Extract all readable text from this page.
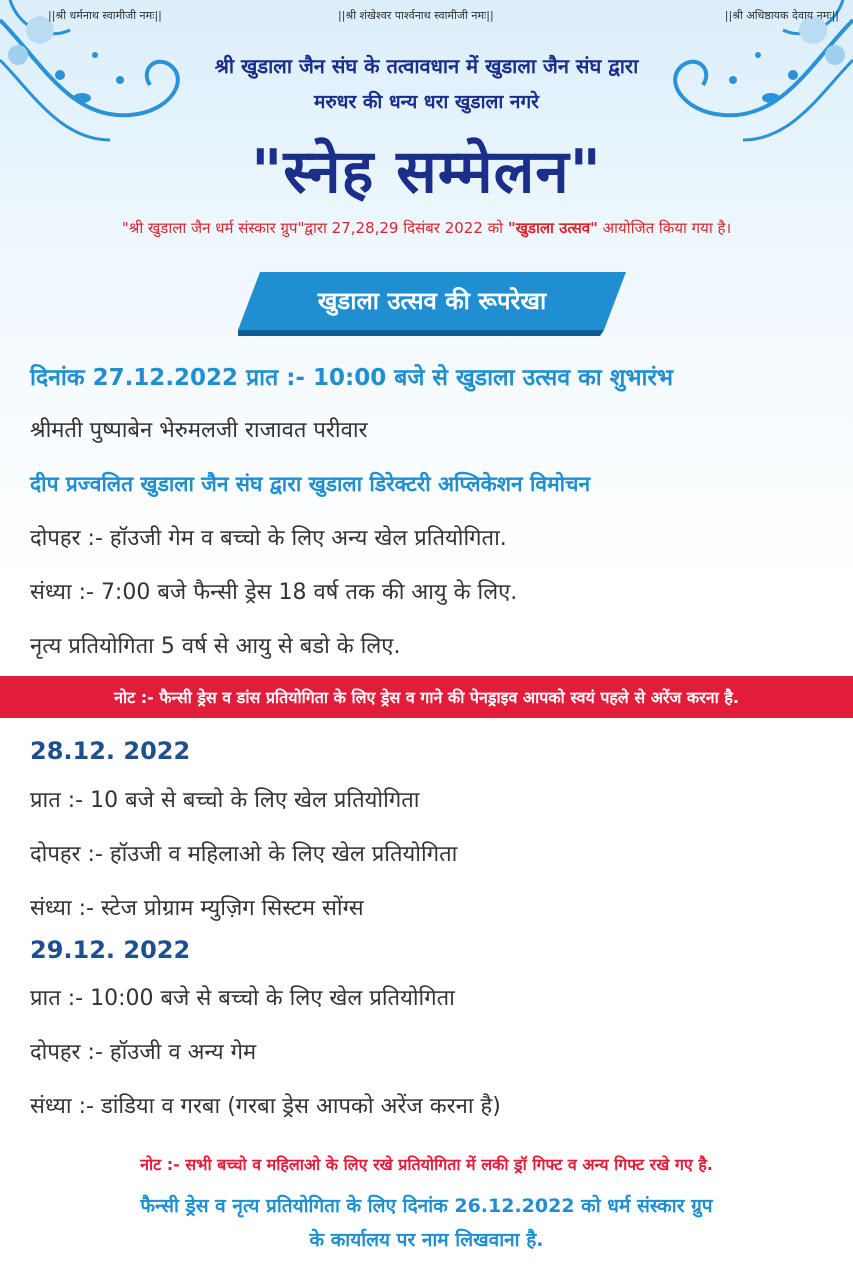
||श्री धर्मनाथ स्वामीजी नमः||	||श्री शंखेश्वर पार्श्वनाथ स्वामीजी नमः||	||श्री अधिष्ठायक देवाय नमः||
श्री खुडाला जैन संघ के तत्वावधान में खुडाला जैन संघ द्वारा
मरुधर की धन्य धरा खुडाला नगरे
"स्नेह सम्मेलन"
"श्री खुडाला जैन धर्म संस्कार ग्रुप"द्वारा 27,28,29 दिसंबर 2022 को "खुडाला उत्सव" आयोजित किया गया है।
खुडाला उत्सव की रूपरेखा
दिनांक 27.12.2022 प्रात :- 10:00 बजे से खुडाला उत्सव का शुभारंभ
श्रीमती पुष्पाबेन भेरुमलजी राजावत परीवार
दीप प्रज्वलित खुडाला जैन संघ द्वारा खुडाला डिरेक्टरी अप्लिकेशन विमोचन
दोपहर :- हॉउजी गेम व बच्चो के लिए अन्य खेल प्रतियोगिता.
संध्या :- 7:00 बजे फैन्सी ड्रेस 18 वर्ष तक की आयु के लिए.
नृत्य प्रतियोगिता 5 वर्ष से आयु से बडो के लिए.
नोट :- फैन्सी ड्रेस व डांस प्रतियोगिता के लिए ड्रेस व गाने की पेनड्राइव आपको स्वयं पहले से अरेंज करना है.
28.12. 2022
प्रात :- 10 बजे से बच्चो के लिए खेल प्रतियोगिता
दोपहर :- हॉउजी व महिलाओ के लिए खेल प्रतियोगिता
संध्या :- स्टेज प्रोग्राम म्युज़िग सिस्टम सोंग्स
29.12. 2022
प्रात :- 10:00 बजे से बच्चो के लिए खेल प्रतियोगिता
दोपहर :- हॉउजी व अन्य गेम
संध्या :- डांडिया व गरबा (गरबा ड्रेस आपको अरेंज करना है)
नोट :- सभी बच्चो व महिलाओ के लिए रखे प्रतियोगिता में लकी ड्रॉ गिफ्ट व अन्य गिफ्ट रखे गए है.
फैन्सी ड्रेस व नृत्य प्रतियोगिता के लिए दिनांक 26.12.2022 को धर्म संस्कार ग्रुप
के कार्यालय पर नाम लिखवाना है.
